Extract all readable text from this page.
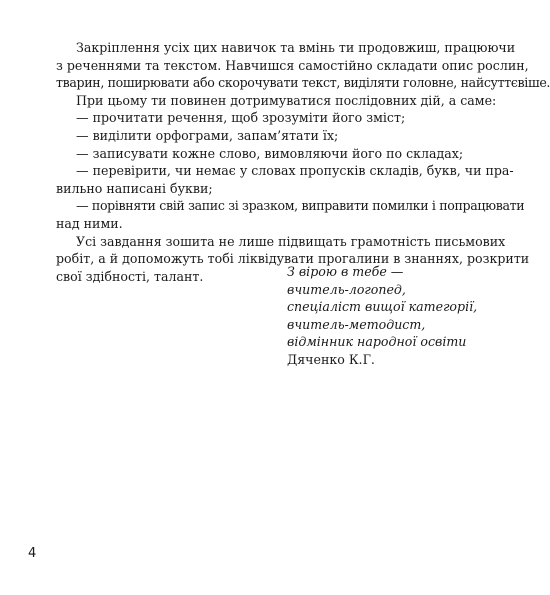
Закріплення усіх цих навичок та вмінь ти продовжиш, працюючи
з реченнями та текстом. Навчишся самостійно складати опис рослин,
тварин, поширювати або скорочувати текст, виділяти головне, найсуттєвіше.
При цьому ти повинен дотримуватися послідовних дій, а саме:
— прочитати речення, щоб зрозуміти його зміст;
— виділити орфограми, запам’ятати їх;
— записувати кожне слово, вимовляючи його по складах;
— перевірити, чи немає у словах пропусків складів, букв, чи пра-
вильно написані букви;
— порівняти свій запис зі зразком, виправити помилки і попрацювати
над ними.
Усі завдання зошита не лише підвищать грамотність письмових
робіт, а й допоможуть тобі ліквідувати прогалини в знаннях, розкрити
свої здібності, талант.	З вірою в тебе —
вчитель-логопед,
спеціаліст вищої категорії,
вчитель-методист,
відмінник народної освіти
Дяченко К.Г.
4
